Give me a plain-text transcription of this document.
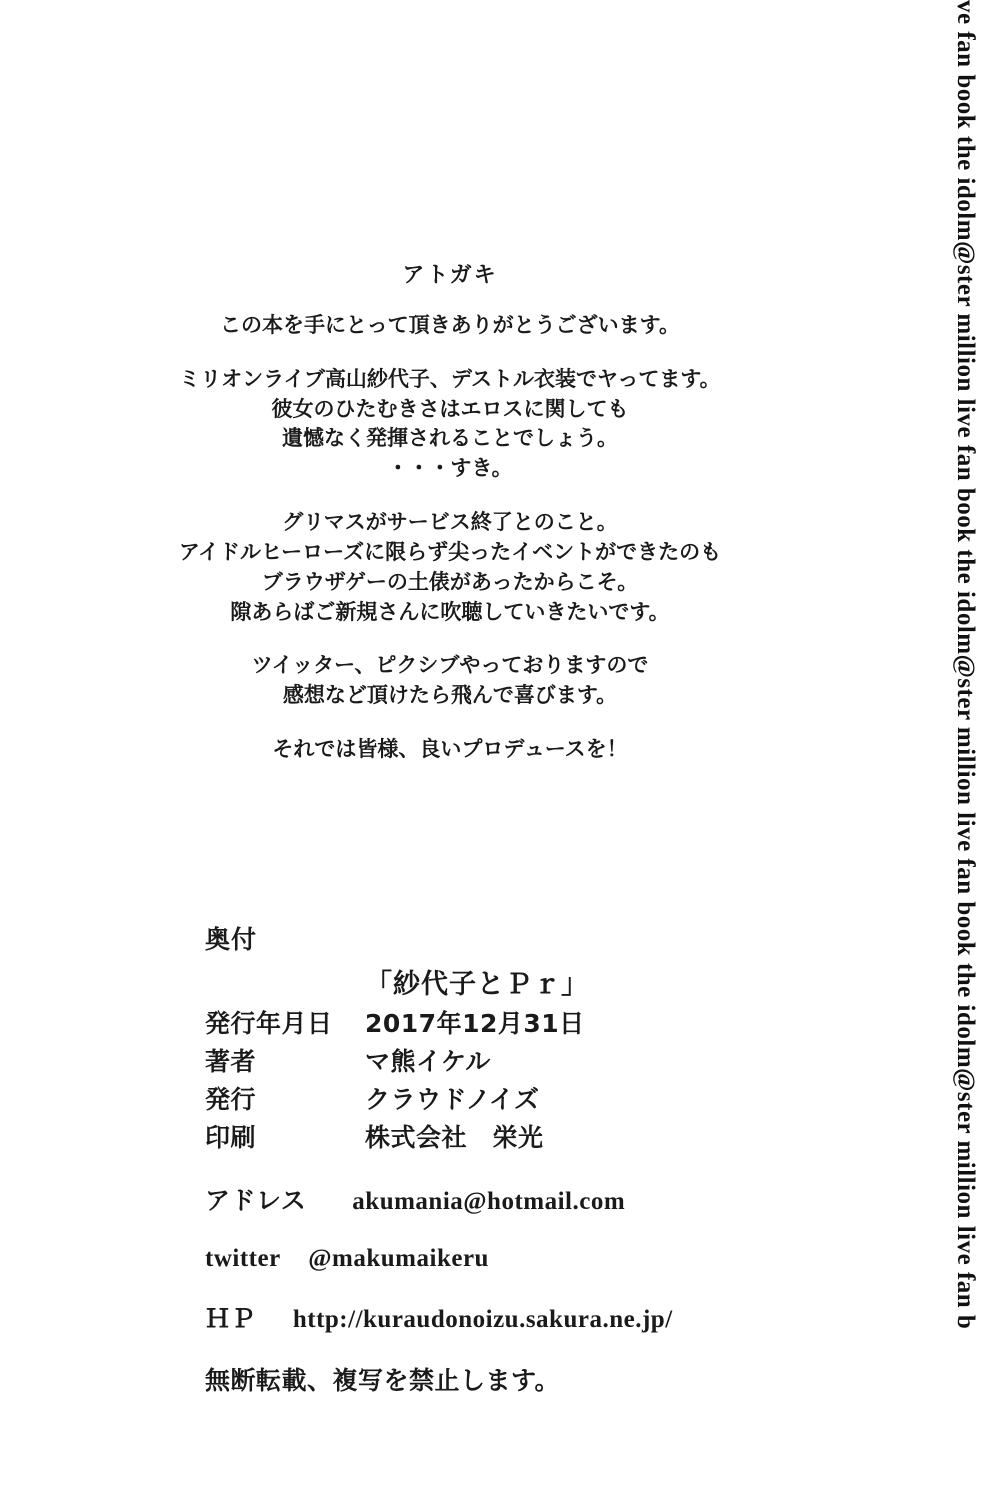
ve fan book the idolm@ster million live fan book the idolm@ster million live fan book the idolm@ster million live fan b
アトガキ

この本を手にとって頂きありがとうございます。

ミリオンライブ高山紗代子、デストル衣装でヤってます。
彼女のひたむきさはエロスに関しても
遺憾なく発揮されることでしょう。
・・・すき。

グリマスがサービス終了とのこと。
アイドルヒーローズに限らず尖ったイベントができたのも
ブラウザゲーの土俵があったからこそ。
隙あらばご新規さんに吹聴していきたいです。

ツイッター、ピクシブやっておりますので
感想など頂けたら飛んで喜びます。

それでは皆様、良いプロデュースを！

奥付
「紗代子とＰｒ」
発行年月日	2017年12月31日
著者	マ熊イケル
発行	クラウドノイズ
印刷	株式会社　栄光
アドレス akumania@hotmail.com
twitter @makumaikeru
ＨＰ http://kuraudonoizu.sakura.ne.jp/
無断転載、複写を禁止します。
